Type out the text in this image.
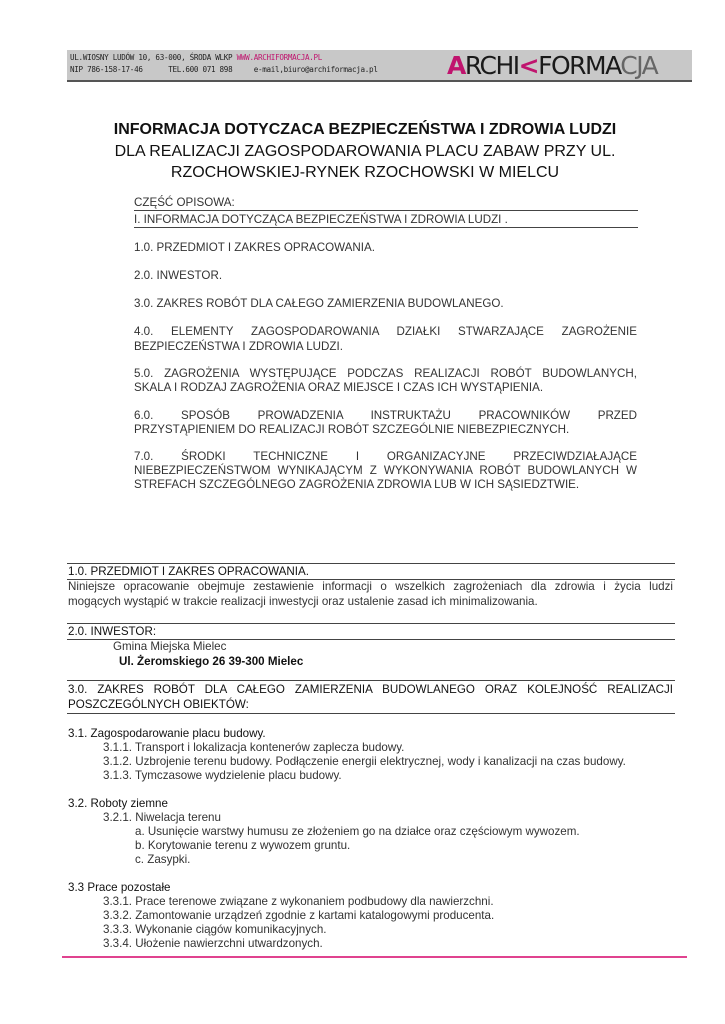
UL.WIOSNY LUDÓW 10, 63-000, ŚRODA WLKP WWW.ARCHIFORMACJA.PL
NIP 786-158-17-46	TEL.600 071 898	e-mail,biuro@archiformacja.pl	ARCHI<FORMACJA
INFORMACJA DOTYCZACA BEZPIECZEŃSTWA I ZDROWIA LUDZI
DLA REALIZACJI ZAGOSPODAROWANIA PLACU ZABAW PRZY UL.
RZOCHOWSKIEJ-RYNEK RZOCHOWSKI W MIELCU
CZĘŚĆ OPISOWA:
I. INFORMACJA DOTYCZĄCA BEZPIECZEŃSTWA I ZDROWIA LUDZI .
1.0. PRZEDMIOT I ZAKRES OPRACOWANIA.
2.0. INWESTOR.
3.0. ZAKRES ROBÓT DLA CAŁEGO ZAMIERZENIA BUDOWLANEGO.
4.0. ELEMENTY ZAGOSPODAROWANIA DZIAŁKI STWARZAJĄCE ZAGROŻENIE
BEZPIECZEŃSTWA I ZDROWIA LUDZI.
5.0. ZAGROŻENIA WYSTĘPUJĄCE PODCZAS REALIZACJI ROBÓT BUDOWLANYCH,
SKALA I RODZAJ ZAGROŻENIA ORAZ MIEJSCE I CZAS ICH WYSTĄPIENIA.
6.0. SPOSÓB PROWADZENIA INSTRUKTAŻU PRACOWNIKÓW PRZED
PRZYSTĄPIENIEM DO REALIZACJI ROBÓT SZCZEGÓLNIE NIEBEZPIECZNYCH.
7.0. ŚRODKI TECHNICZNE I ORGANIZACYJNE PRZECIWDZIAŁAJĄCE
NIEBEZPIECZEŃSTWOM WYNIKAJĄCYM Z WYKONYWANIA ROBÓT BUDOWLANYCH W
STREFACH SZCZEGÓLNEGO ZAGROŻENIA ZDROWIA LUB W ICH SĄSIEDZTWIE.
1.0. PRZEDMIOT I ZAKRES OPRACOWANIA.
Niniejsze opracowanie obejmuje zestawienie informacji o wszelkich zagrożeniach dla zdrowia i życia ludzi
mogących wystąpić w trakcie realizacji inwestycji oraz ustalenie zasad ich minimalizowania.
2.0. INWESTOR:
Gmina Miejska Mielec
Ul. Żeromskiego 26 39-300 Mielec
3.0. ZAKRES ROBÓT DLA CAŁEGO ZAMIERZENIA BUDOWLANEGO ORAZ KOLEJNOŚĆ REALIZACJI
POSZCZEGÓLNYCH OBIEKTÓW:
3.1. Zagospodarowanie placu budowy.
3.1.1. Transport i lokalizacja kontenerów zaplecza budowy.
3.1.2. Uzbrojenie terenu budowy. Podłączenie energii elektrycznej, wody i kanalizacji na czas budowy.
3.1.3. Tymczasowe wydzielenie placu budowy.
3.2. Roboty ziemne
3.2.1. Niwelacja terenu
a. Usunięcie warstwy humusu ze złożeniem go na działce oraz częściowym wywozem.
b. Korytowanie terenu z wywozem gruntu.
c. Zasypki.
3.3 Prace pozostałe
3.3.1. Prace terenowe związane z wykonaniem podbudowy dla nawierzchni.
3.3.2. Zamontowanie urządzeń zgodnie z kartami katalogowymi producenta.
3.3.3. Wykonanie ciągów komunikacyjnych.
3.3.4. Ułożenie nawierzchni utwardzonych.
